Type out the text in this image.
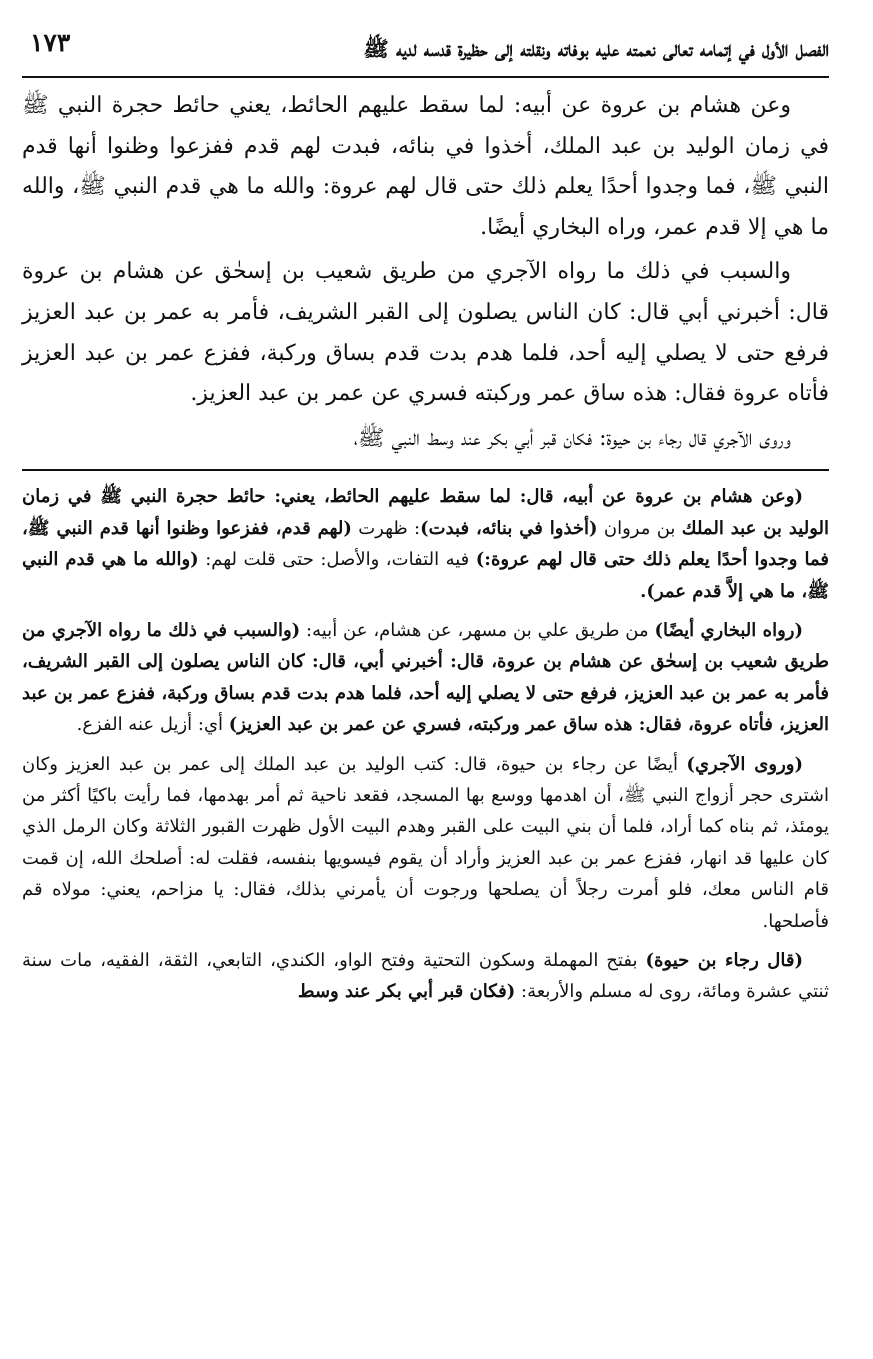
الفصل الأول في إتمامه تعالى نعمته عليه بوفاته ونقلته إلى حظيرة قدسه لديه ﷺ
١٧٣

وعن هشام بن عروة عن أبيه: لما سقط عليهم الحائط، يعني حائط حجرة النبي ﷺ في زمان الوليد بن عبد الملك، أخذوا في بنائه، فبدت لهم قدم ففزعوا وظنوا أنها قدم النبي ﷺ، فما وجدوا أحدًا يعلم ذلك حتى قال لهم عروة: والله ما هي قدم النبي ﷺ، والله ما هي إلا قدم عمر، وراه البخاري أيضًا.

والسبب في ذلك ما رواه الآجري من طريق شعيب بن إسحٰق عن هشام بن عروة قال: أخبرني أبي قال: كان الناس يصلون إلى القبر الشريف، فأمر به عمر بن عبد العزيز فرفع حتى لا يصلي إليه أحد، فلما هدم بدت قدم بساق وركبة، ففزع عمر بن عبد العزيز فأتاه عروة فقال: هذه ساق عمر وركبته فسري عن عمر بن عبد العزيز.

وروى الآجري قال رجاء بن حيوة: فكان قبر أبي بكر عند وسط النبي ﷺ،

(وعن هشام بن عروة عن أبيه، قال: لما سقط عليهم الحائط، يعني: حائط حجرة النبي ﷺ في زمان الوليد بن عبد الملك بن مروان (أخذوا في بنائه، فبدت): ظهرت (لهم قدم، ففزعوا وظنوا أنها قدم النبي ﷺ، فما وجدوا أحدًا يعلم ذلك حتى قال لهم عروة:) فيه التفات، والأصل: حتى قلت لهم: (والله ما هي قدم النبي ﷺ، ما هي إلاَّ قدم عمر).

(رواه البخاري أيضًا) من طريق علي بن مسهر، عن هشام، عن أبيه: (والسبب في ذلك ما رواه الآجري من طريق شعيب بن إسحٰق عن هشام بن عروة، قال: أخبرني أبي، قال: كان الناس يصلون إلى القبر الشريف، فأمر به عمر بن عبد العزيز، فرفع حتى لا يصلي إليه أحد، فلما هدم بدت قدم بساق وركبة، ففزع عمر بن عبد العزيز، فأتاه عروة، فقال: هذه ساق عمر وركبته، فسري عن عمر بن عبد العزيز) أي: أزيل عنه الفزع.

(وروى الآجري) أيضًا عن رجاء بن حيوة، قال: كتب الوليد بن عبد الملك إلى عمر بن عبد العزيز وكان اشترى حجر أزواج النبي ﷺ، أن اهدمها ووسع بها المسجد، فقعد ناحية ثم أمر بهدمها، فما رأيت باكيًا أكثر من يومئذ، ثم بناه كما أراد، فلما أن بني البيت على القبر وهدم البيت الأول ظهرت القبور الثلاثة وكان الرمل الذي كان عليها قد انهار، ففزع عمر بن عبد العزيز وأراد أن يقوم فيسويها بنفسه، فقلت له: أصلحك الله، إن قمت قام الناس معك، فلو أمرت رجلاً أن يصلحها ورجوت أن يأمرني بذلك، فقال: يا مزاحم، يعني: مولاه قم فأصلحها.

(قال رجاء بن حيوة) بفتح المهملة وسكون التحتية وفتح الواو، الكندي، التابعي، الثقة، الفقيه، مات سنة ثنتي عشرة ومائة، روى له مسلم والأربعة: (فكان قبر أبي بكر عند وسط
